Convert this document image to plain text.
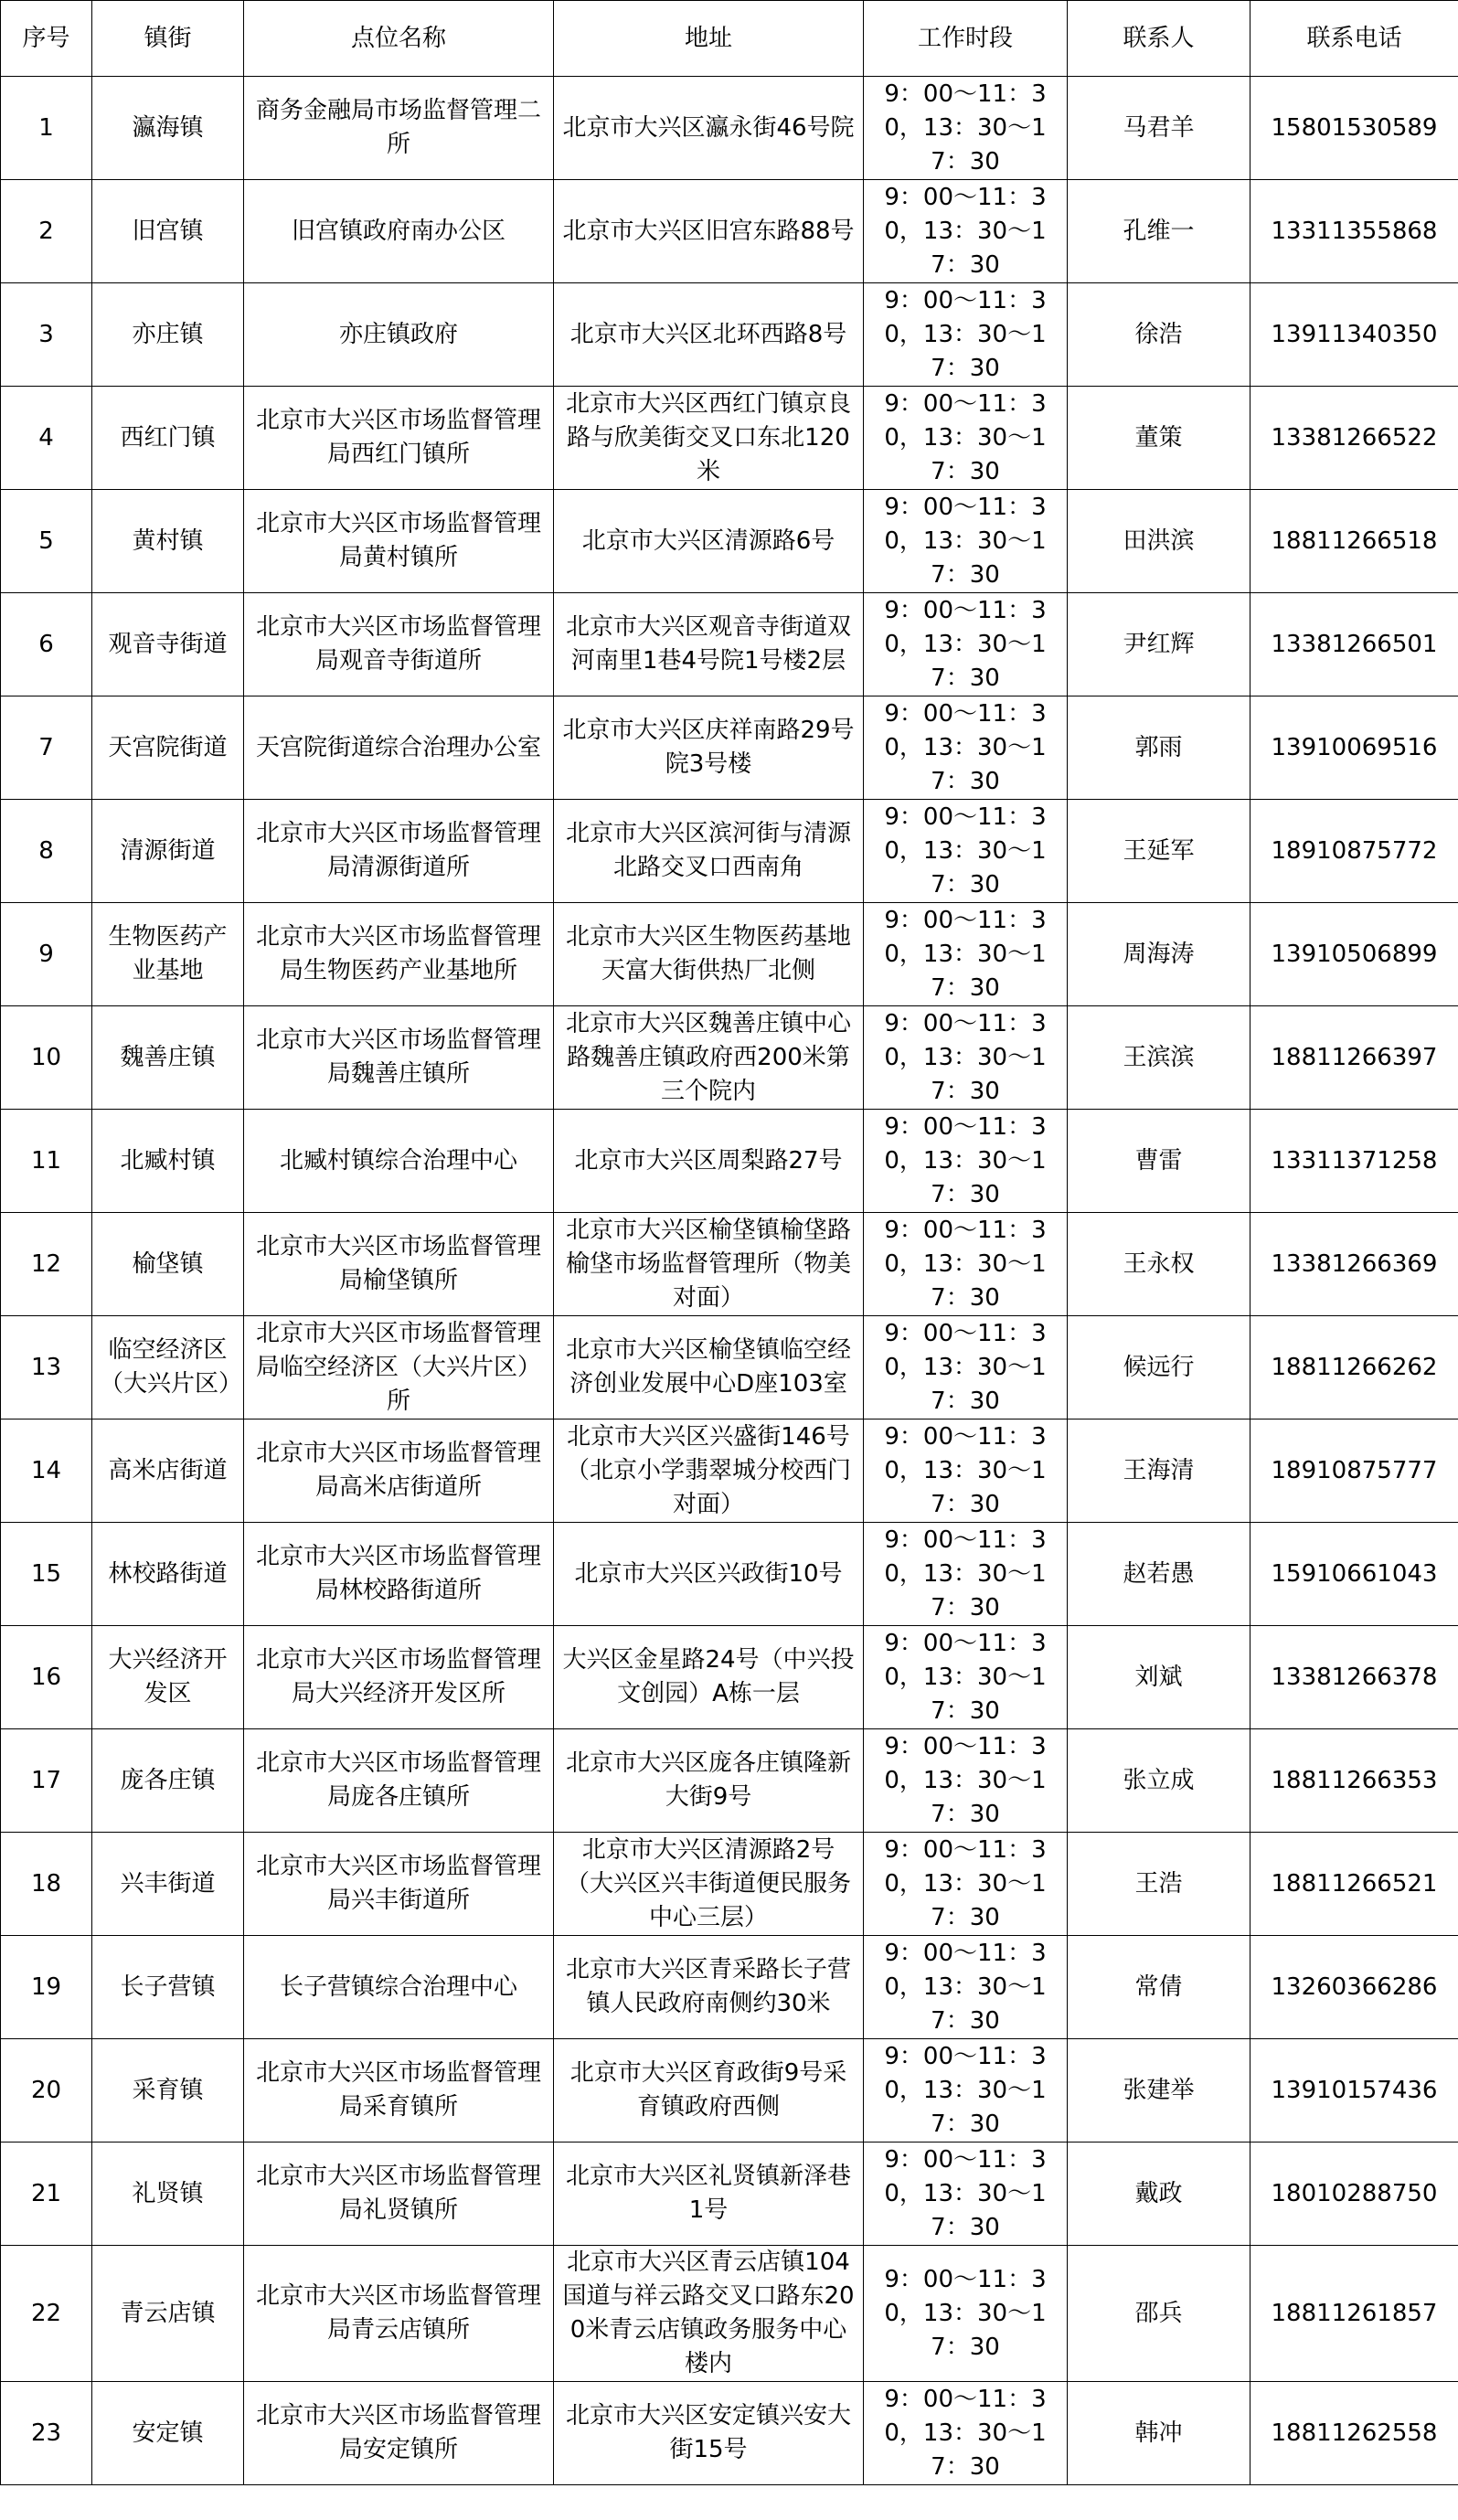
序号	镇街	点位名称	地址	工作时段	联系人	联系电话
1	瀛海镇	商务金融局市场监督管理二所	北京市大兴区瀛永街46号院	9：00～11：30，13：30～17：30	马君羊	15801530589
2	旧宫镇	旧宫镇政府南办公区	北京市大兴区旧宫东路88号	9：00～11：30，13：30～17：30	孔维一	13311355868
3	亦庄镇	亦庄镇政府	北京市大兴区北环西路8号	9：00～11：30，13：30～17：30	徐浩	13911340350
4	西红门镇	北京市大兴区市场监督管理局西红门镇所	北京市大兴区西红门镇京良路与欣美街交叉口东北120米	9：00～11：30，13：30～17：30	董策	13381266522
5	黄村镇	北京市大兴区市场监督管理局黄村镇所	北京市大兴区清源路6号	9：00～11：30，13：30～17：30	田洪滨	18811266518
6	观音寺街道	北京市大兴区市场监督管理局观音寺街道所	北京市大兴区观音寺街道双河南里1巷4号院1号楼2层	9：00～11：30，13：30～17：30	尹红辉	13381266501
7	天宫院街道	天宫院街道综合治理办公室	北京市大兴区庆祥南路29号院3号楼	9：00～11：30，13：30～17：30	郭雨	13910069516
8	清源街道	北京市大兴区市场监督管理局清源街道所	北京市大兴区滨河街与清源北路交叉口西南角	9：00～11：30，13：30～17：30	王延军	18910875772
9	生物医药产业基地	北京市大兴区市场监督管理局生物医药产业基地所	北京市大兴区生物医药基地天富大街供热厂北侧	9：00～11：30，13：30～17：30	周海涛	13910506899
10	魏善庄镇	北京市大兴区市场监督管理局魏善庄镇所	北京市大兴区魏善庄镇中心路魏善庄镇政府西200米第三个院内	9：00～11：30，13：30～17：30	王滨滨	18811266397
11	北臧村镇	北臧村镇综合治理中心	北京市大兴区周梨路27号	9：00～11：30，13：30～17：30	曹雷	13311371258
12	榆垡镇	北京市大兴区市场监督管理局榆垡镇所	北京市大兴区榆垡镇榆垡路榆垡市场监督管理所（物美对面）	9：00～11：30，13：30～17：30	王永权	13381266369
13	临空经济区（大兴片区）	北京市大兴区市场监督管理局临空经济区（大兴片区）所	北京市大兴区榆垡镇临空经济创业发展中心D座103室	9：00～11：30，13：30～17：30	候远行	18811266262
14	高米店街道	北京市大兴区市场监督管理局高米店街道所	北京市大兴区兴盛街146号（北京小学翡翠城分校西门对面）	9：00～11：30，13：30～17：30	王海清	18910875777
15	林校路街道	北京市大兴区市场监督管理局林校路街道所	北京市大兴区兴政街10号	9：00～11：30，13：30～17：30	赵若愚	15910661043
16	大兴经济开发区	北京市大兴区市场监督管理局大兴经济开发区所	大兴区金星路24号（中兴投文创园）A栋一层	9：00～11：30，13：30～17：30	刘斌	13381266378
17	庞各庄镇	北京市大兴区市场监督管理局庞各庄镇所	北京市大兴区庞各庄镇隆新大街9号	9：00～11：30，13：30～17：30	张立成	18811266353
18	兴丰街道	北京市大兴区市场监督管理局兴丰街道所	北京市大兴区清源路2号（大兴区兴丰街道便民服务中心三层）	9：00～11：30，13：30～17：30	王浩	18811266521
19	长子营镇	长子营镇综合治理中心	北京市大兴区青采路长子营镇人民政府南侧约30米	9：00～11：30，13：30～17：30	常倩	13260366286
20	采育镇	北京市大兴区市场监督管理局采育镇所	北京市大兴区育政街9号采育镇政府西侧	9：00～11：30，13：30～17：30	张建举	13910157436
21	礼贤镇	北京市大兴区市场监督管理局礼贤镇所	北京市大兴区礼贤镇新泽巷1号	9：00～11：30，13：30～17：30	戴政	18010288750
22	青云店镇	北京市大兴区市场监督管理局青云店镇所	北京市大兴区青云店镇104国道与祥云路交叉口路东200米青云店镇政务服务中心楼内	9：00～11：30，13：30～17：30	邵兵	18811261857
23	安定镇	北京市大兴区市场监督管理局安定镇所	北京市大兴区安定镇兴安大街15号	9：00～11：30，13：30～17：30	韩冲	18811262558
